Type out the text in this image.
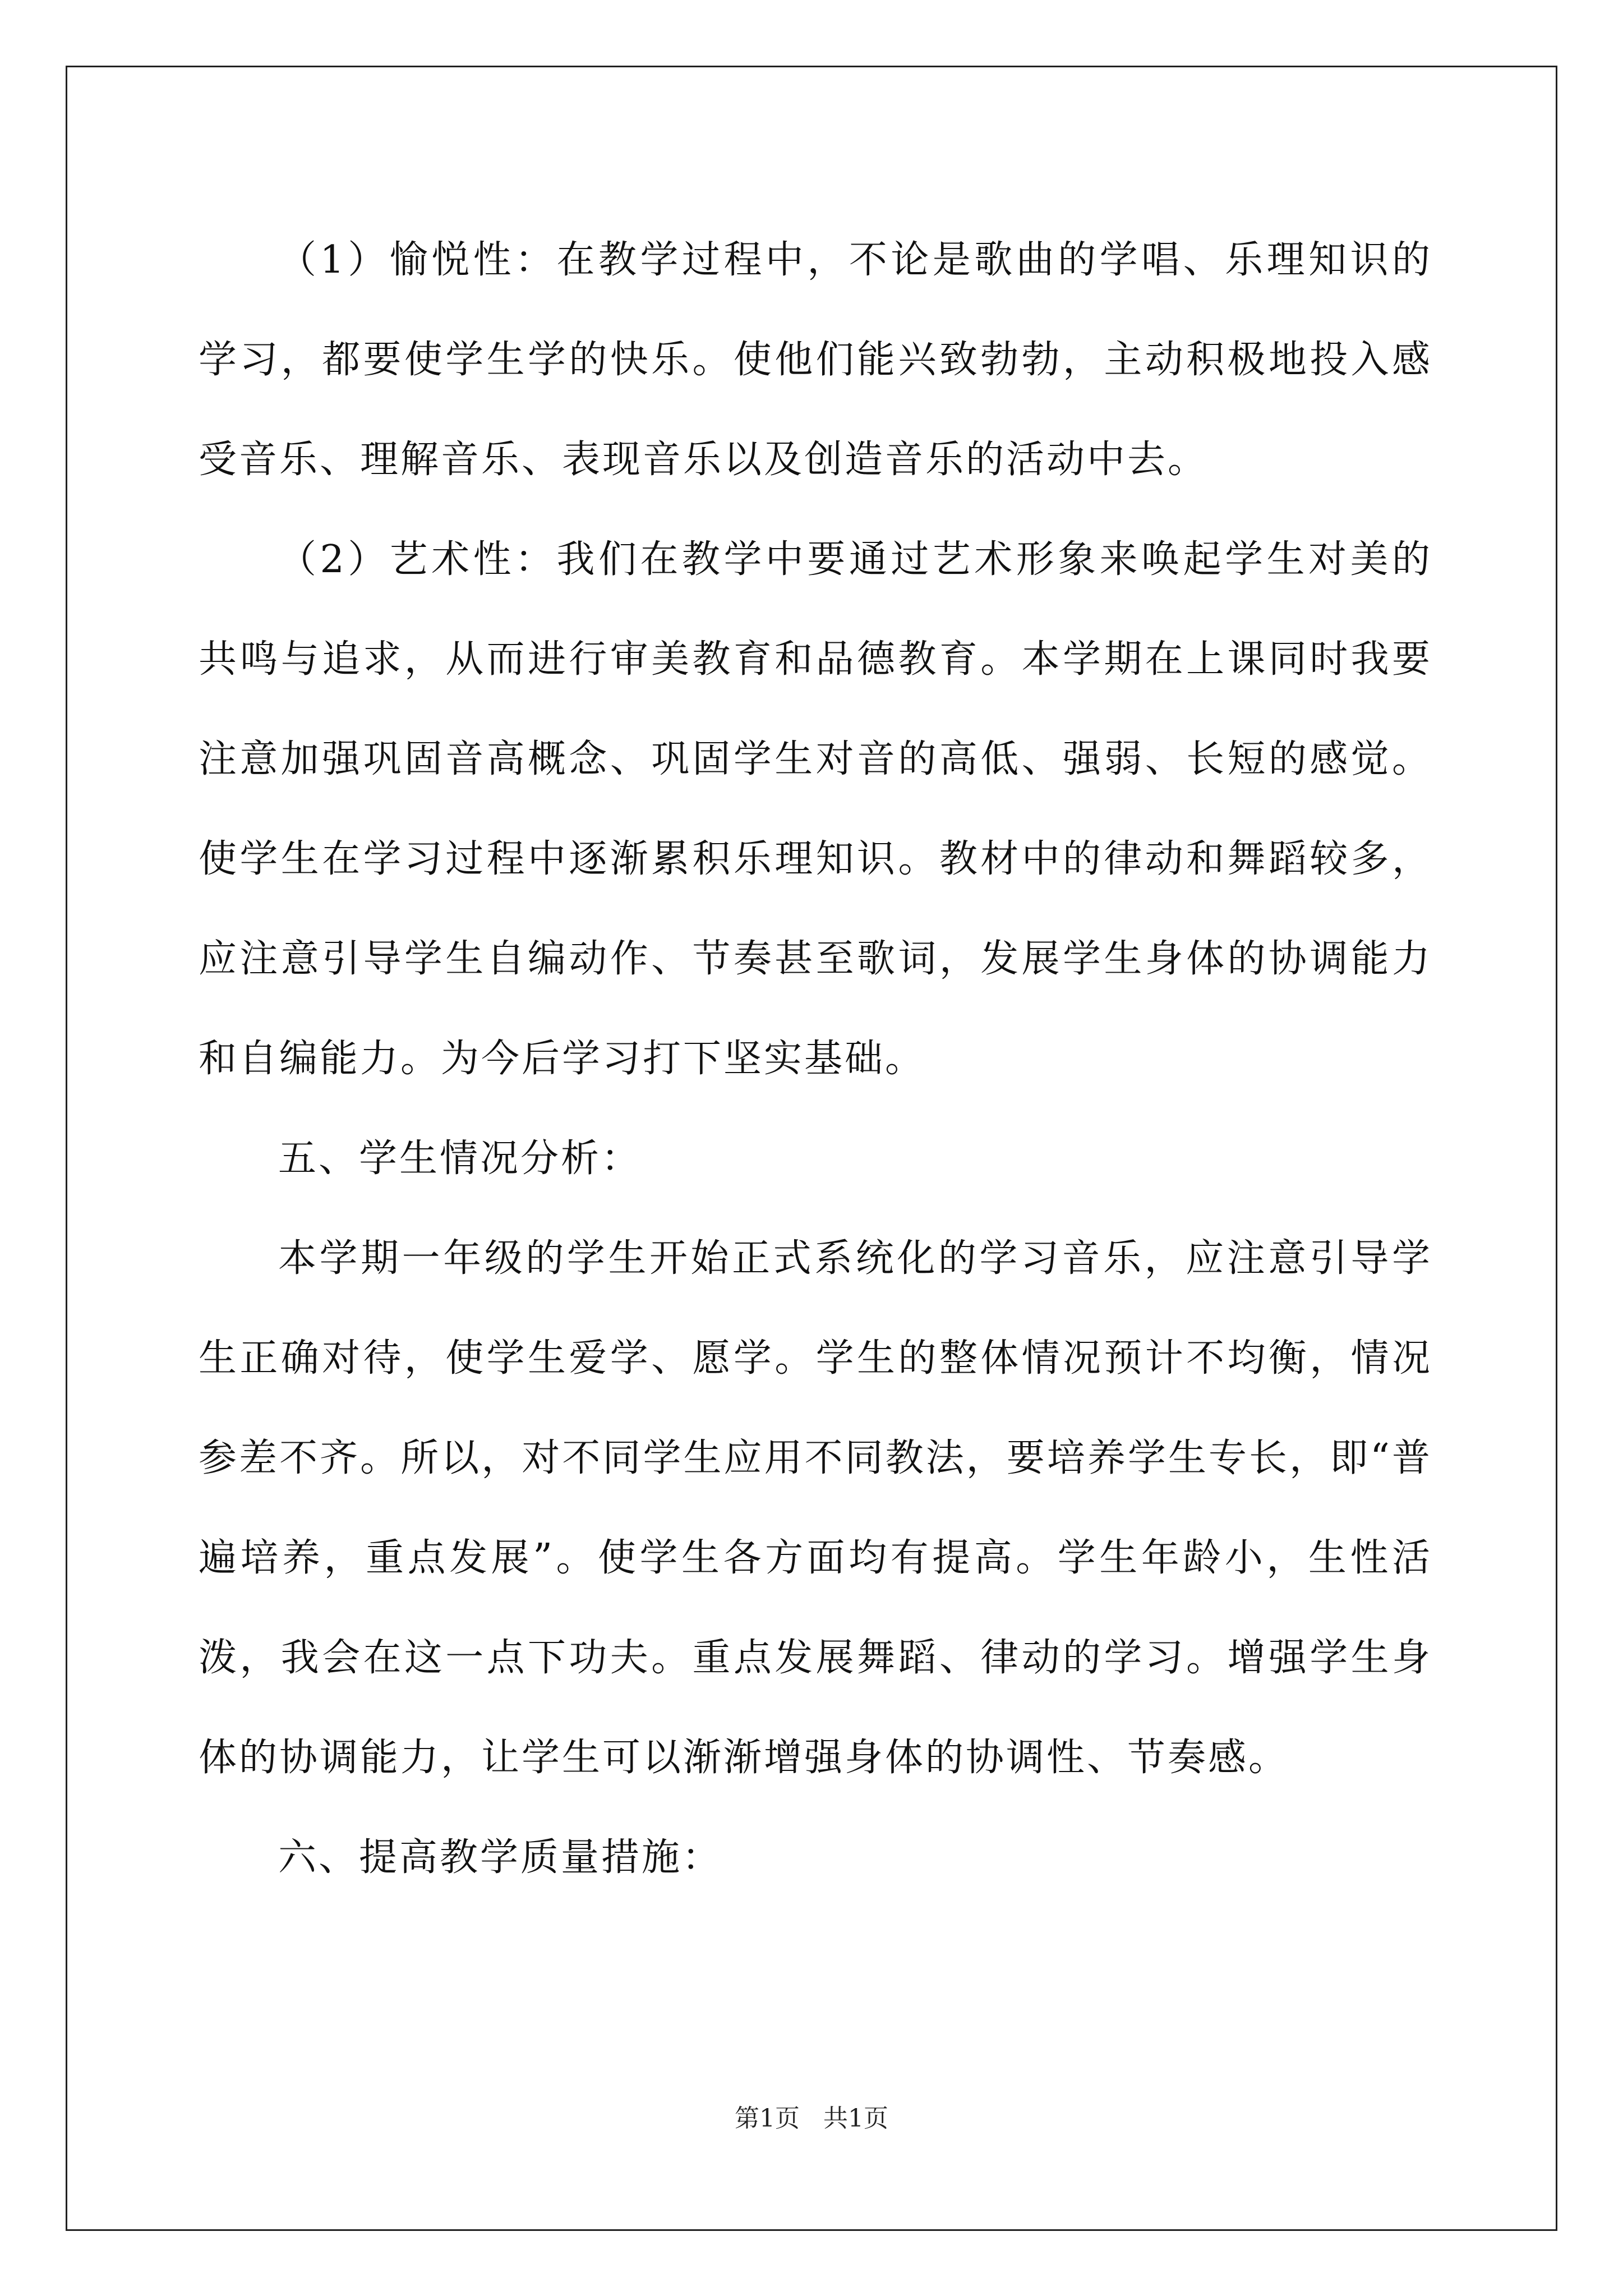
（1）愉悦性：在教学过程中，不论是歌曲的学唱、乐理知识的学习，都要使学生学的快乐。使他们能兴致勃勃，主动积极地投入感受音乐、理解音乐、表现音乐以及创造音乐的活动中去。

（2）艺术性：我们在教学中要通过艺术形象来唤起学生对美的共鸣与追求，从而进行审美教育和品德教育。本学期在上课同时我要注意加强巩固音高概念、巩固学生对音的高低、强弱、长短的感觉。使学生在学习过程中逐渐累积乐理知识。教材中的律动和舞蹈较多，应注意引导学生自编动作、节奏甚至歌词，发展学生身体的协调能力和自编能力。为今后学习打下坚实基础。

五、学生情况分析：

本学期一年级的学生开始正式系统化的学习音乐，应注意引导学生正确对待，使学生爱学、愿学。学生的整体情况预计不均衡，情况参差不齐。所以，对不同学生应用不同教法，要培养学生专长，即“普遍培养，重点发展”。使学生各方面均有提高。学生年龄小，生性活泼，我会在这一点下功夫。重点发展舞蹈、律动的学习。增强学生身体的协调能力，让学生可以渐渐增强身体的协调性、节奏感。

六、提高教学质量措施：

第1页 共1页
